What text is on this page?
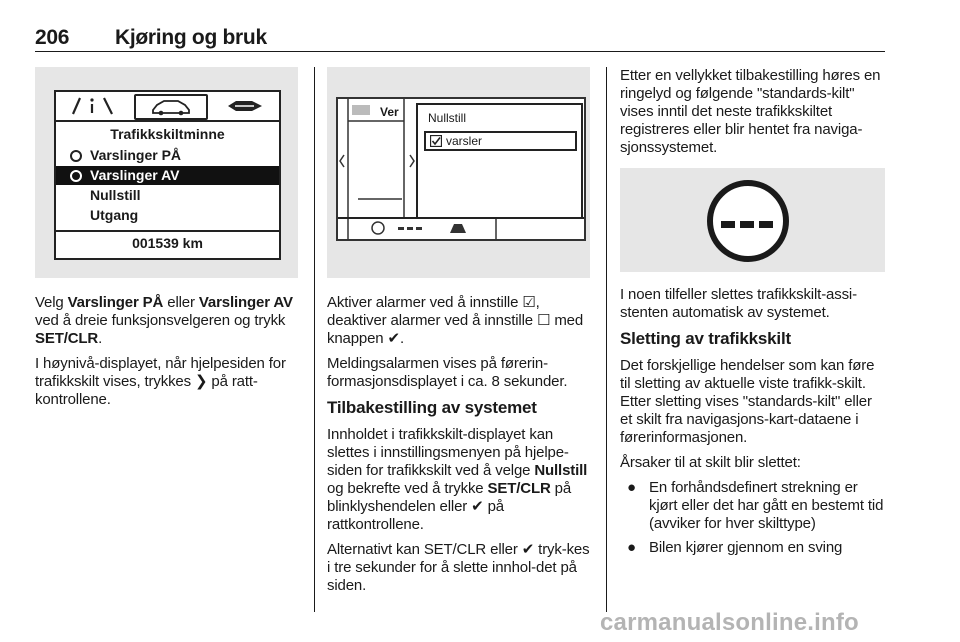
206 Kjøring og bruk
Trafikkskiltminne
Varslinger PÅ
Varslinger AV
Nullstill
Utgang
001539 km

Velg Varslinger PÅ eller Varslinger AV ved å dreie funksjonsvelgeren og trykk SET/CLR.

I høynivå-displayet, når hjelpesiden for trafikkskilt vises, trykkes ❯ på ratt-kontrollene.

Ver Nullstill
varsler

Aktiver alarmer ved å innstille ☑, deaktiver alarmer ved å innstille ☐ med knappen ✔.

Meldingsalarmen vises på førerin-formasjonsdisplayet i ca. 8 sekunder.

Tilbakestilling av systemet

Innholdet i trafikkskilt-displayet kan slettes i innstillingsmenyen på hjelpe-siden for trafikkskilt ved å velge Nullstill og bekrefte ved å trykke SET/CLR på blinklyshendelen eller ✔ på rattkontrollene.

Alternativt kan SET/CLR eller ✔ tryk-kes i tre sekunder for å slette innhol-det på siden.

Etter en vellykket tilbakestilling høres en ringelyd og følgende "standards-kilt" vises inntil det neste trafikkskiltet registreres eller blir hentet fra naviga-sjonssystemet.

I noen tilfeller slettes trafikkskilt-assi-stenten automatisk av systemet.

Sletting av trafikkskilt

Det forskjellige hendelser som kan føre til sletting av aktuelle viste trafikk-skilt. Etter sletting vises "standards-kilt" eller et skilt fra navigasjons-kart-dataene i førerinformasjonen.

Årsaker til at skilt blir slettet:

● En forhåndsdefinert strekning er kjørt eller det har gått en bestemt tid (avviker for hver skilttype)
● Bilen kjører gjennom en sving
carmanualsonline.info
